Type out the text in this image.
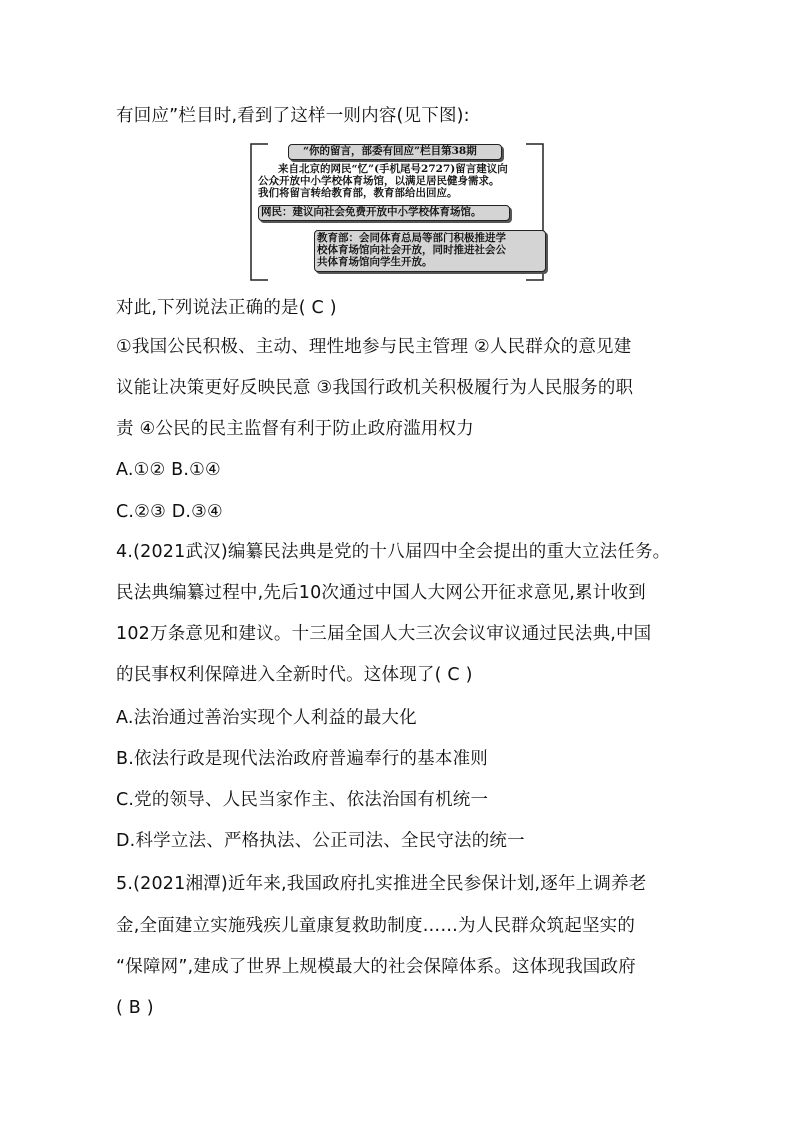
有回应”栏目时,看到了这样一则内容(见下图):
“你的留言，部委有回应”栏目第38期
来自北京的网民“忆”(手机尾号2727)留言建议向
公众开放中小学校体育场馆，以满足居民健身需求。
我们将留言转给教育部，教育部给出回应。
网民：建议向社会免费开放中小学校体育场馆。
教育部：会同体育总局等部门积极推进学
校体育场馆向社会开放，同时推进社会公
共体育场馆向学生开放。
对此,下列说法正确的是( C )
①我国公民积极、主动、理性地参与民主管理 ②人民群众的意见建
议能让决策更好反映民意 ③我国行政机关积极履行为人民服务的职
责 ④公民的民主监督有利于防止政府滥用权力
A.①② B.①④
C.②③ D.③④
4.(2021武汉)编纂民法典是党的十八届四中全会提出的重大立法任务。
民法典编纂过程中,先后10次通过中国人大网公开征求意见,累计收到
102万条意见和建议。十三届全国人大三次会议审议通过民法典,中国
的民事权利保障进入全新时代。这体现了( C )
A.法治通过善治实现个人利益的最大化
B.依法行政是现代法治政府普遍奉行的基本准则
C.党的领导、人民当家作主、依法治国有机统一
D.科学立法、严格执法、公正司法、全民守法的统一
5.(2021湘潭)近年来,我国政府扎实推进全民参保计划,逐年上调养老
金,全面建立实施残疾儿童康复救助制度……为人民群众筑起坚实的
“保障网”,建成了世界上规模最大的社会保障体系。这体现我国政府
( B )
